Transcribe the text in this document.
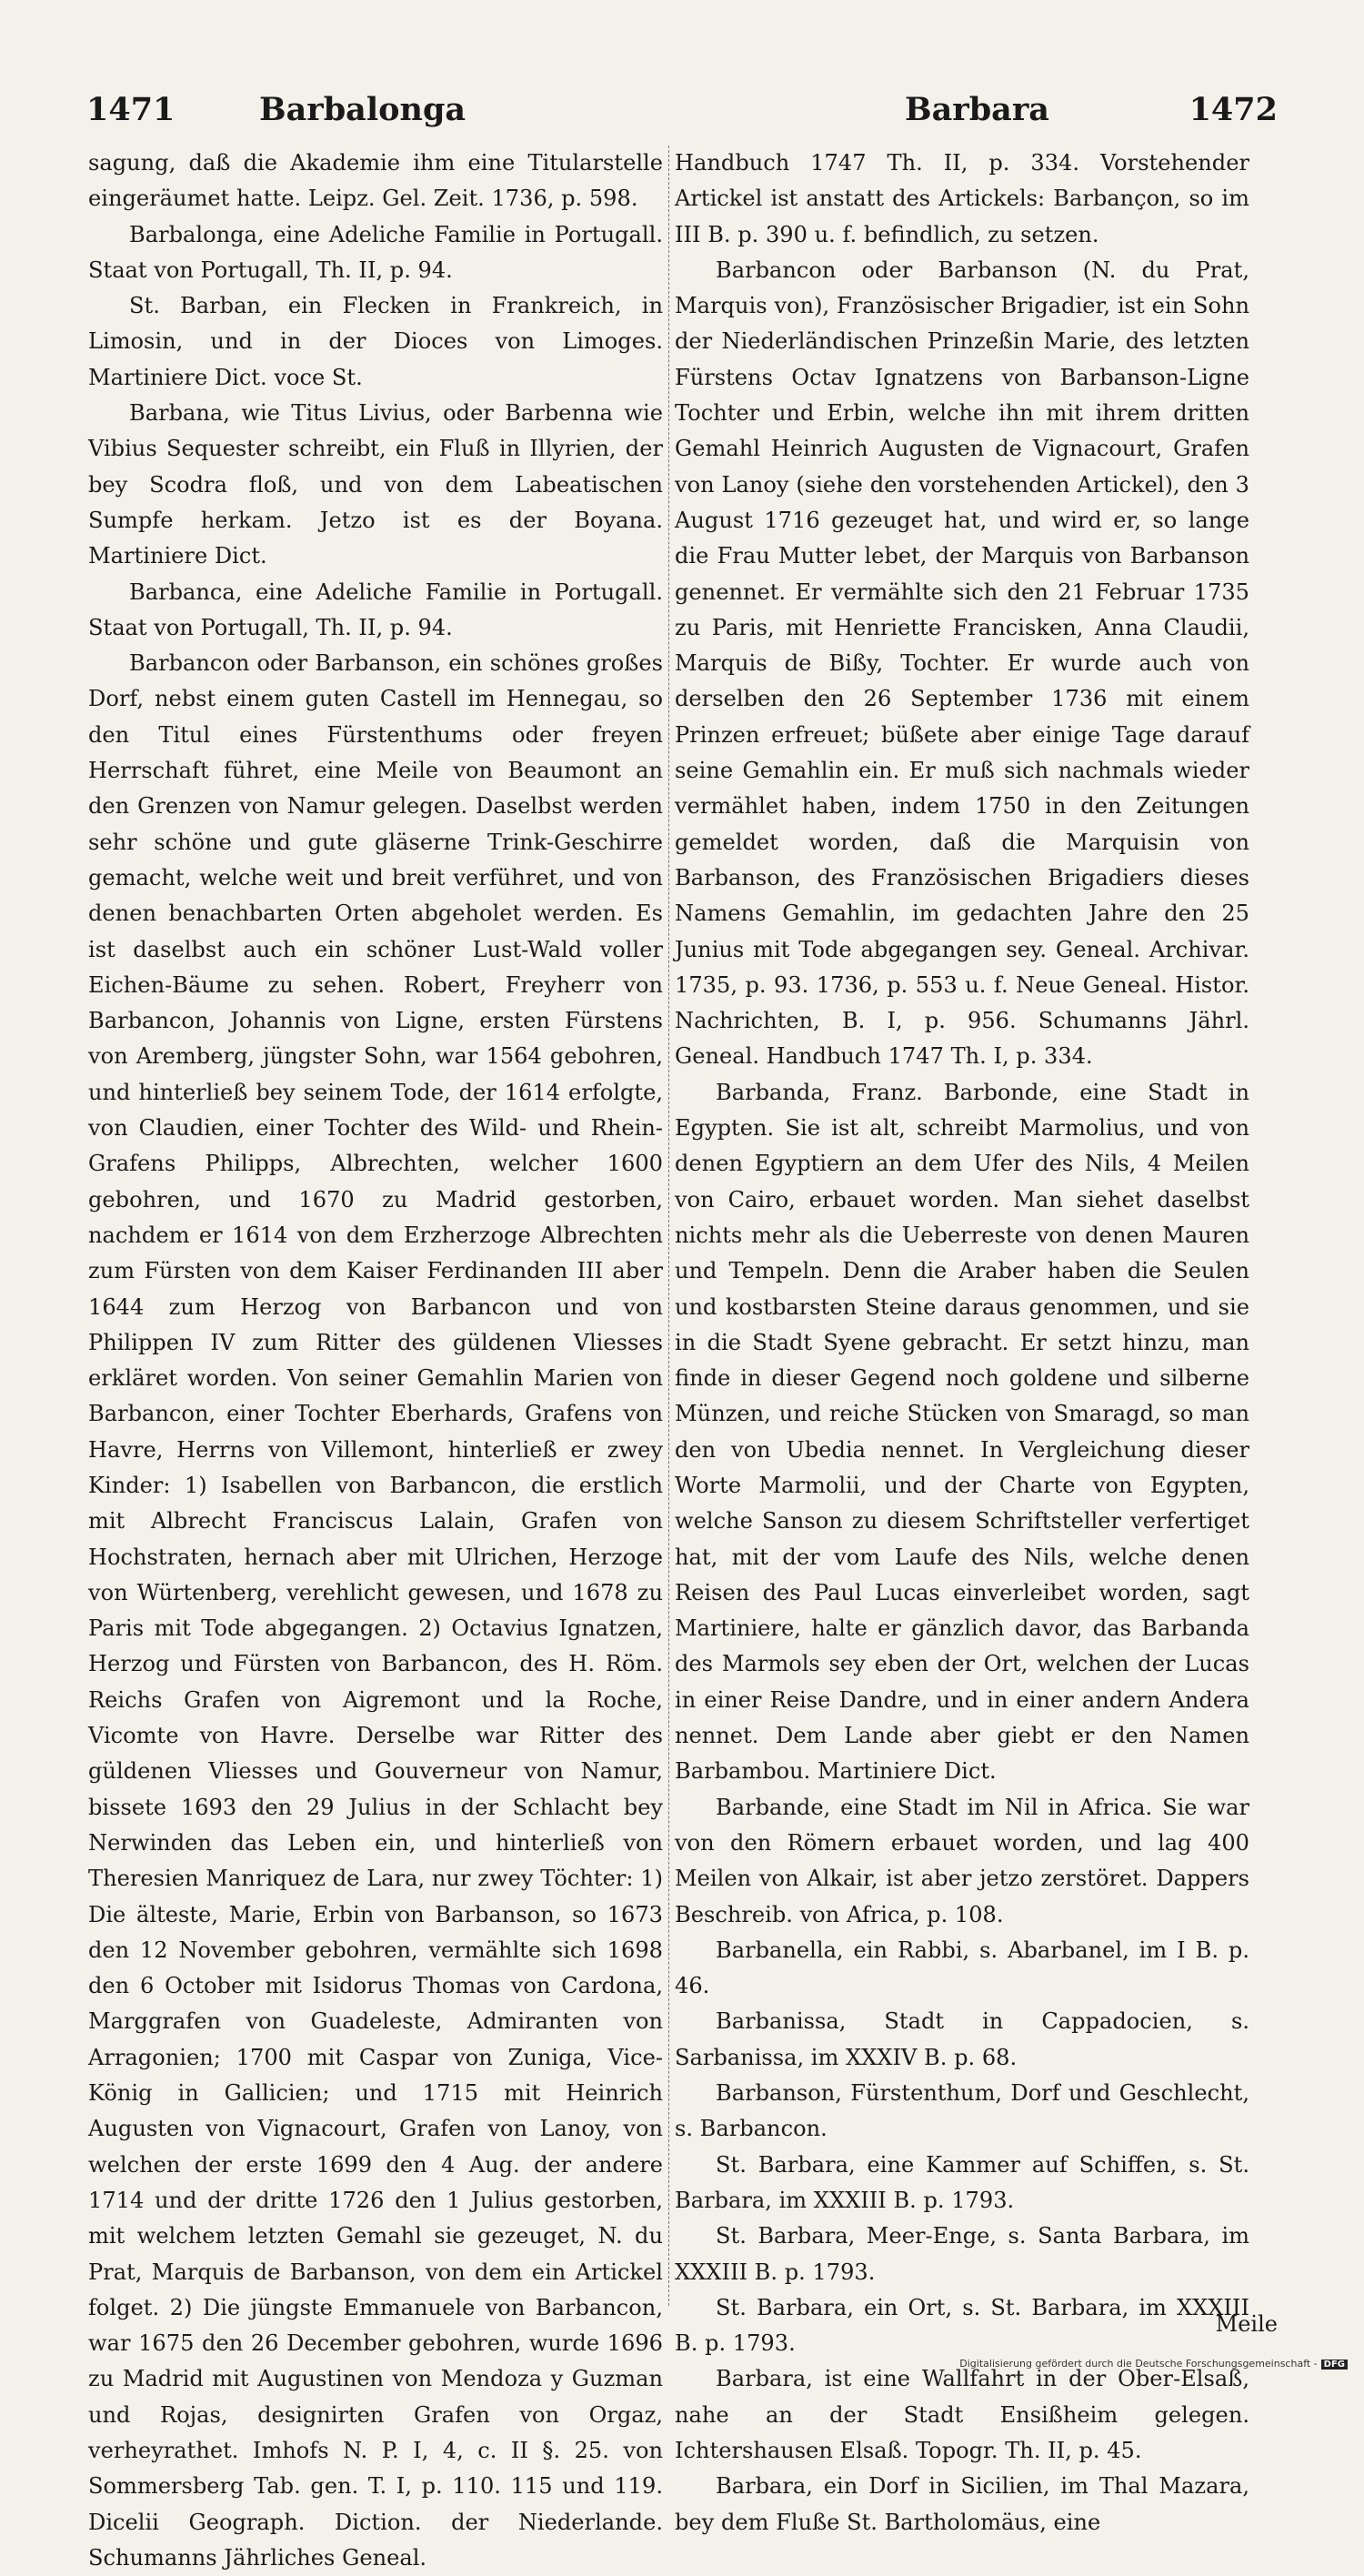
1471	Barbalonga	Barbara	1472

sagung, daß die Akademie ihm eine Titularstelle eingeräumet hatte. Leipz. Gel. Zeit. 1736, p. 598.

Barbalonga, eine Adeliche Familie in Portugall. Staat von Portugall, Th. II, p. 94.

St. Barban, ein Flecken in Frankreich, in Limosin, und in der Dioces von Limoges. Martiniere Dict. voce St.

Barbana, wie Titus Livius, oder Barbenna wie Vibius Sequester schreibt, ein Fluß in Illyrien, der bey Scodra floß, und von dem Labeatischen Sumpfe herkam. Jetzo ist es der Boyana. Martiniere Dict.

Barbanca, eine Adeliche Familie in Portugall. Staat von Portugall, Th. II, p. 94.

Barbancon oder Barbanson, ein schönes großes Dorf, nebst einem guten Castell im Hennegau, so den Titul eines Fürstenthums oder freyen Herrschaft führet, eine Meile von Beaumont an den Grenzen von Namur gelegen. Daselbst werden sehr schöne und gute gläserne Trink-Geschirre gemacht, welche weit und breit verführet, und von denen benachbarten Orten abgeholet werden. Es ist daselbst auch ein schöner Lust-Wald voller Eichen-Bäume zu sehen. Robert, Freyherr von Barbancon, Johannis von Ligne, ersten Fürstens von Aremberg, jüngster Sohn, war 1564 gebohren, und hinterließ bey seinem Tode, der 1614 erfolgte, von Claudien, einer Tochter des Wild- und Rhein-Grafens Philipps, Albrechten, welcher 1600 gebohren, und 1670 zu Madrid gestorben, nachdem er 1614 von dem Erzherzoge Albrechten zum Fürsten von dem Kaiser Ferdinanden III aber 1644 zum Herzog von Barbancon und von Philippen IV zum Ritter des güldenen Vliesses erkläret worden. Von seiner Gemahlin Marien von Barbancon, einer Tochter Eberhards, Grafens von Havre, Herrns von Villemont, hinterließ er zwey Kinder: 1) Isabellen von Barbancon, die erstlich mit Albrecht Franciscus Lalain, Grafen von Hochstraten, hernach aber mit Ulrichen, Herzoge von Würtenberg, verehlicht gewesen, und 1678 zu Paris mit Tode abgegangen. 2) Octavius Ignatzen, Herzog und Fürsten von Barbancon, des H. Röm. Reichs Grafen von Aigremont und la Roche, Vicomte von Havre. Derselbe war Ritter des güldenen Vliesses und Gouverneur von Namur, bissete 1693 den 29 Julius in der Schlacht bey Nerwinden das Leben ein, und hinterließ von Theresien Manriquez de Lara, nur zwey Töchter: 1) Die älteste, Marie, Erbin von Barbanson, so 1673 den 12 November gebohren, vermählte sich 1698 den 6 October mit Isidorus Thomas von Cardona, Marggrafen von Guadeleste, Admiranten von Arragonien; 1700 mit Caspar von Zuniga, Vice-König in Gallicien; und 1715 mit Heinrich Augusten von Vignacourt, Grafen von Lanoy, von welchen der erste 1699 den 4 Aug. der andere 1714 und der dritte 1726 den 1 Julius gestorben, mit welchem letzten Gemahl sie gezeuget, N. du Prat, Marquis de Barbanson, von dem ein Artickel folget. 2) Die jüngste Emmanuele von Barbancon, war 1675 den 26 December gebohren, wurde 1696 zu Madrid mit Augustinen von Mendoza y Guzman und Rojas, designirten Grafen von Orgaz, verheyrathet. Imhofs N. P. I, 4, c. II §. 25. von Sommersberg Tab. gen. T. I, p. 110. 115 und 119. Dicelii Geograph. Diction. der Niederlande. Schumanns Jährliches Geneal.

Handbuch 1747 Th. II, p. 334. Vorstehender Artickel ist anstatt des Artickels: Barbançon, so im III B. p. 390 u. f. befindlich, zu setzen.

Barbancon oder Barbanson (N. du Prat, Marquis von), Französischer Brigadier, ist ein Sohn der Niederländischen Prinzeßin Marie, des letzten Fürstens Octav Ignatzens von Barbanson-Ligne Tochter und Erbin, welche ihn mit ihrem dritten Gemahl Heinrich Augusten de Vignacourt, Grafen von Lanoy (siehe den vorstehenden Artickel), den 3 August 1716 gezeuget hat, und wird er, so lange die Frau Mutter lebet, der Marquis von Barbanson genennet. Er vermählte sich den 21 Februar 1735 zu Paris, mit Henriette Francisken, Anna Claudii, Marquis de Bißy, Tochter. Er wurde auch von derselben den 26 September 1736 mit einem Prinzen erfreuet; büßete aber einige Tage darauf seine Gemahlin ein. Er muß sich nachmals wieder vermählet haben, indem 1750 in den Zeitungen gemeldet worden, daß die Marquisin von Barbanson, des Französischen Brigadiers dieses Namens Gemahlin, im gedachten Jahre den 25 Junius mit Tode abgegangen sey. Geneal. Archivar. 1735, p. 93. 1736, p. 553 u. f. Neue Geneal. Histor. Nachrichten, B. I, p. 956. Schumanns Jährl. Geneal. Handbuch 1747 Th. I, p. 334.

Barbanda, Franz. Barbonde, eine Stadt in Egypten. Sie ist alt, schreibt Marmolius, und von denen Egyptiern an dem Ufer des Nils, 4 Meilen von Cairo, erbauet worden. Man siehet daselbst nichts mehr als die Ueberreste von denen Mauren und Tempeln. Denn die Araber haben die Seulen und kostbarsten Steine daraus genommen, und sie in die Stadt Syene gebracht. Er setzt hinzu, man finde in dieser Gegend noch goldene und silberne Münzen, und reiche Stücken von Smaragd, so man den von Ubedia nennet. In Vergleichung dieser Worte Marmolii, und der Charte von Egypten, welche Sanson zu diesem Schriftsteller verfertiget hat, mit der vom Laufe des Nils, welche denen Reisen des Paul Lucas einverleibet worden, sagt Martiniere, halte er gänzlich davor, das Barbanda des Marmols sey eben der Ort, welchen der Lucas in einer Reise Dandre, und in einer andern Andera nennet. Dem Lande aber giebt er den Namen Barbambou. Martiniere Dict.

Barbande, eine Stadt im Nil in Africa. Sie war von den Römern erbauet worden, und lag 400 Meilen von Alkair, ist aber jetzo zerstöret. Dappers Beschreib. von Africa, p. 108.

Barbanella, ein Rabbi, s. Abarbanel, im I B. p. 46.

Barbanissa, Stadt in Cappadocien, s. Sarbanissa, im XXXIV B. p. 68.

Barbanson, Fürstenthum, Dorf und Geschlecht, s. Barbancon.

St. Barbara, eine Kammer auf Schiffen, s. St. Barbara, im XXXIII B. p. 1793.

St. Barbara, Meer-Enge, s. Santa Barbara, im XXXIII B. p. 1793.

St. Barbara, ein Ort, s. St. Barbara, im XXXIII B. p. 1793.

Barbara, ist eine Wallfahrt in der Ober-Elsaß, nahe an der Stadt Ensißheim gelegen. Ichtershausen Elsaß. Topogr. Th. II, p. 45.

Barbara, ein Dorf in Sicilien, im Thal Mazara, bey dem Fluße St. Bartholomäus, eine

Meile
Digitalisierung gefördert durch die Deutsche Forschungsgemeinschaft - DFG
